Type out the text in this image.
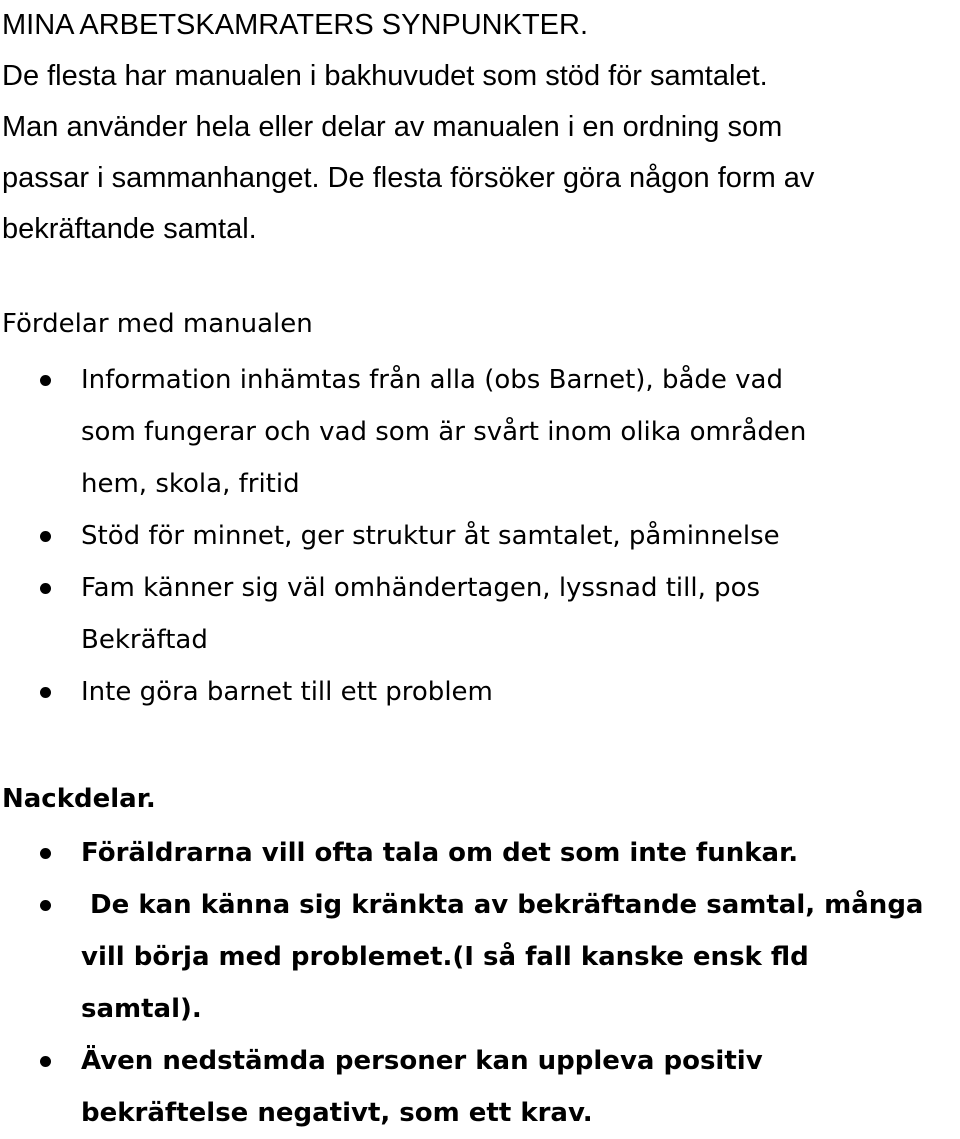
MINA ARBETSKAMRATERS SYNPUNKTER.
De flesta har manualen i bakhuvudet som stöd för samtalet.
Man använder hela eller delar av manualen i en ordning som
passar i sammanhanget. De flesta försöker göra någon form av
bekräftande samtal.
Fördelar med manualen
Information inhämtas från alla (obs Barnet), både vad
som fungerar och vad som är svårt inom olika områden
hem, skola, fritid
Stöd för minnet, ger struktur åt samtalet, påminnelse
Fam känner sig väl omhändertagen, lyssnad till, pos
Bekräftad
Inte göra barnet till ett problem
Nackdelar.
Föräldrarna vill ofta tala om det som inte funkar.
De kan känna sig kränkta av bekräftande samtal, många
vill börja med problemet.(I så fall kanske ensk fld
samtal).
Även nedstämda personer kan uppleva positiv
bekräftelse negativt, som ett krav.
